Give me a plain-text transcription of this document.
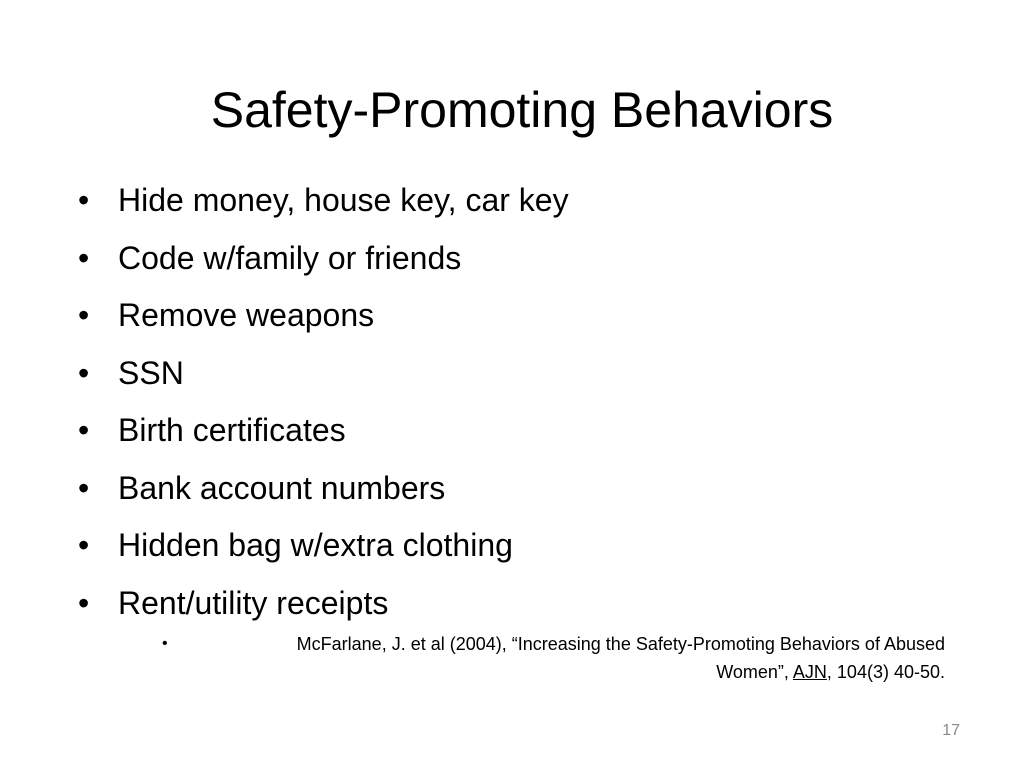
Safety-Promoting Behaviors
• Hide money, house key, car key
• Code w/family or friends
• Remove weapons
• SSN
• Birth certificates
• Bank account numbers
• Hidden bag w/extra clothing
• Rent/utility receipts
•	McFarlane, J. et al (2004), “Increasing the Safety-Promoting Behaviors of Abused
Women”, AJN, 104(3) 40-50.
17
